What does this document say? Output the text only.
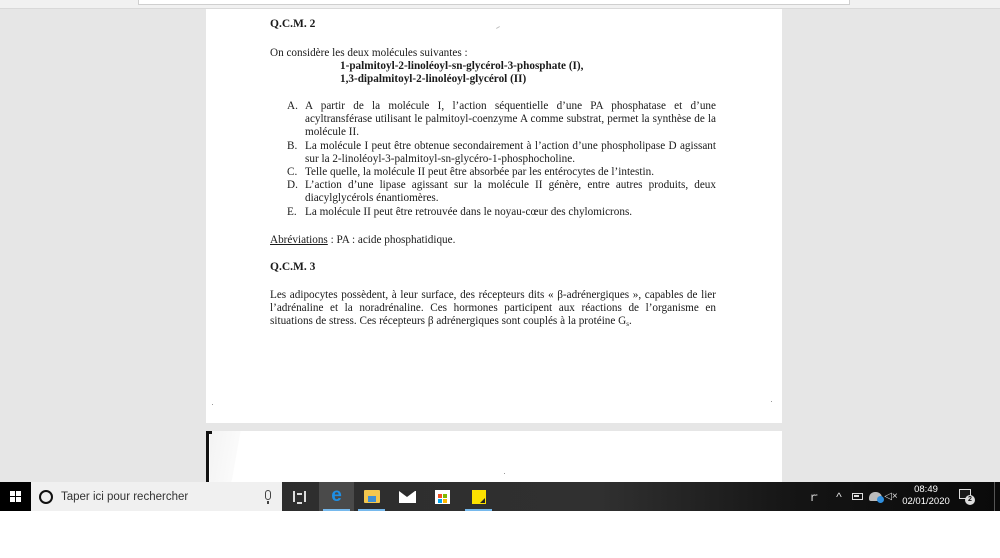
Q.C.M. 2
On considère les deux molécules suivantes :
1-palmitoyl-2-linoléoyl-sn-glycérol-3-phosphate (I),
1,3-dipalmitoyl-2-linoléoyl-glycérol (II)
A. A partir de la molécule I, l’action séquentielle d’une PA phosphatase et d’une acyltransférase utilisant le palmitoyl-coenzyme A comme substrat, permet la synthèse de la molécule II.
B. La molécule I peut être obtenue secondairement à l’action d’une phospholipase D agissant sur la 2-linoléoyl-3-palmitoyl-sn-glycéro-1-phosphocholine.
C. Telle quelle, la molécule II peut être absorbée par les entérocytes de l’intestin.
D. L’action d’une lipase agissant sur la molécule II génère, entre autres produits, deux diacylglycérols énantiomères.
E. La molécule II peut être retrouvée dans le noyau-cœur des chylomicrons.
Abréviations : PA : acide phosphatidique.
Q.C.M. 3
Les adipocytes possèdent, à leur surface, des récepteurs dits « β-adrénergiques », capables de lier l’adrénaline et la noradrénaline. Ces hormones participent aux réactions de l’organisme en situations de stress. Ces récepteurs β adrénergiques sont couplés à la protéine $G_s$.
Taper ici pour rechercher	e	ꭈ ^	◁×
08:49
02/01/2020	2
